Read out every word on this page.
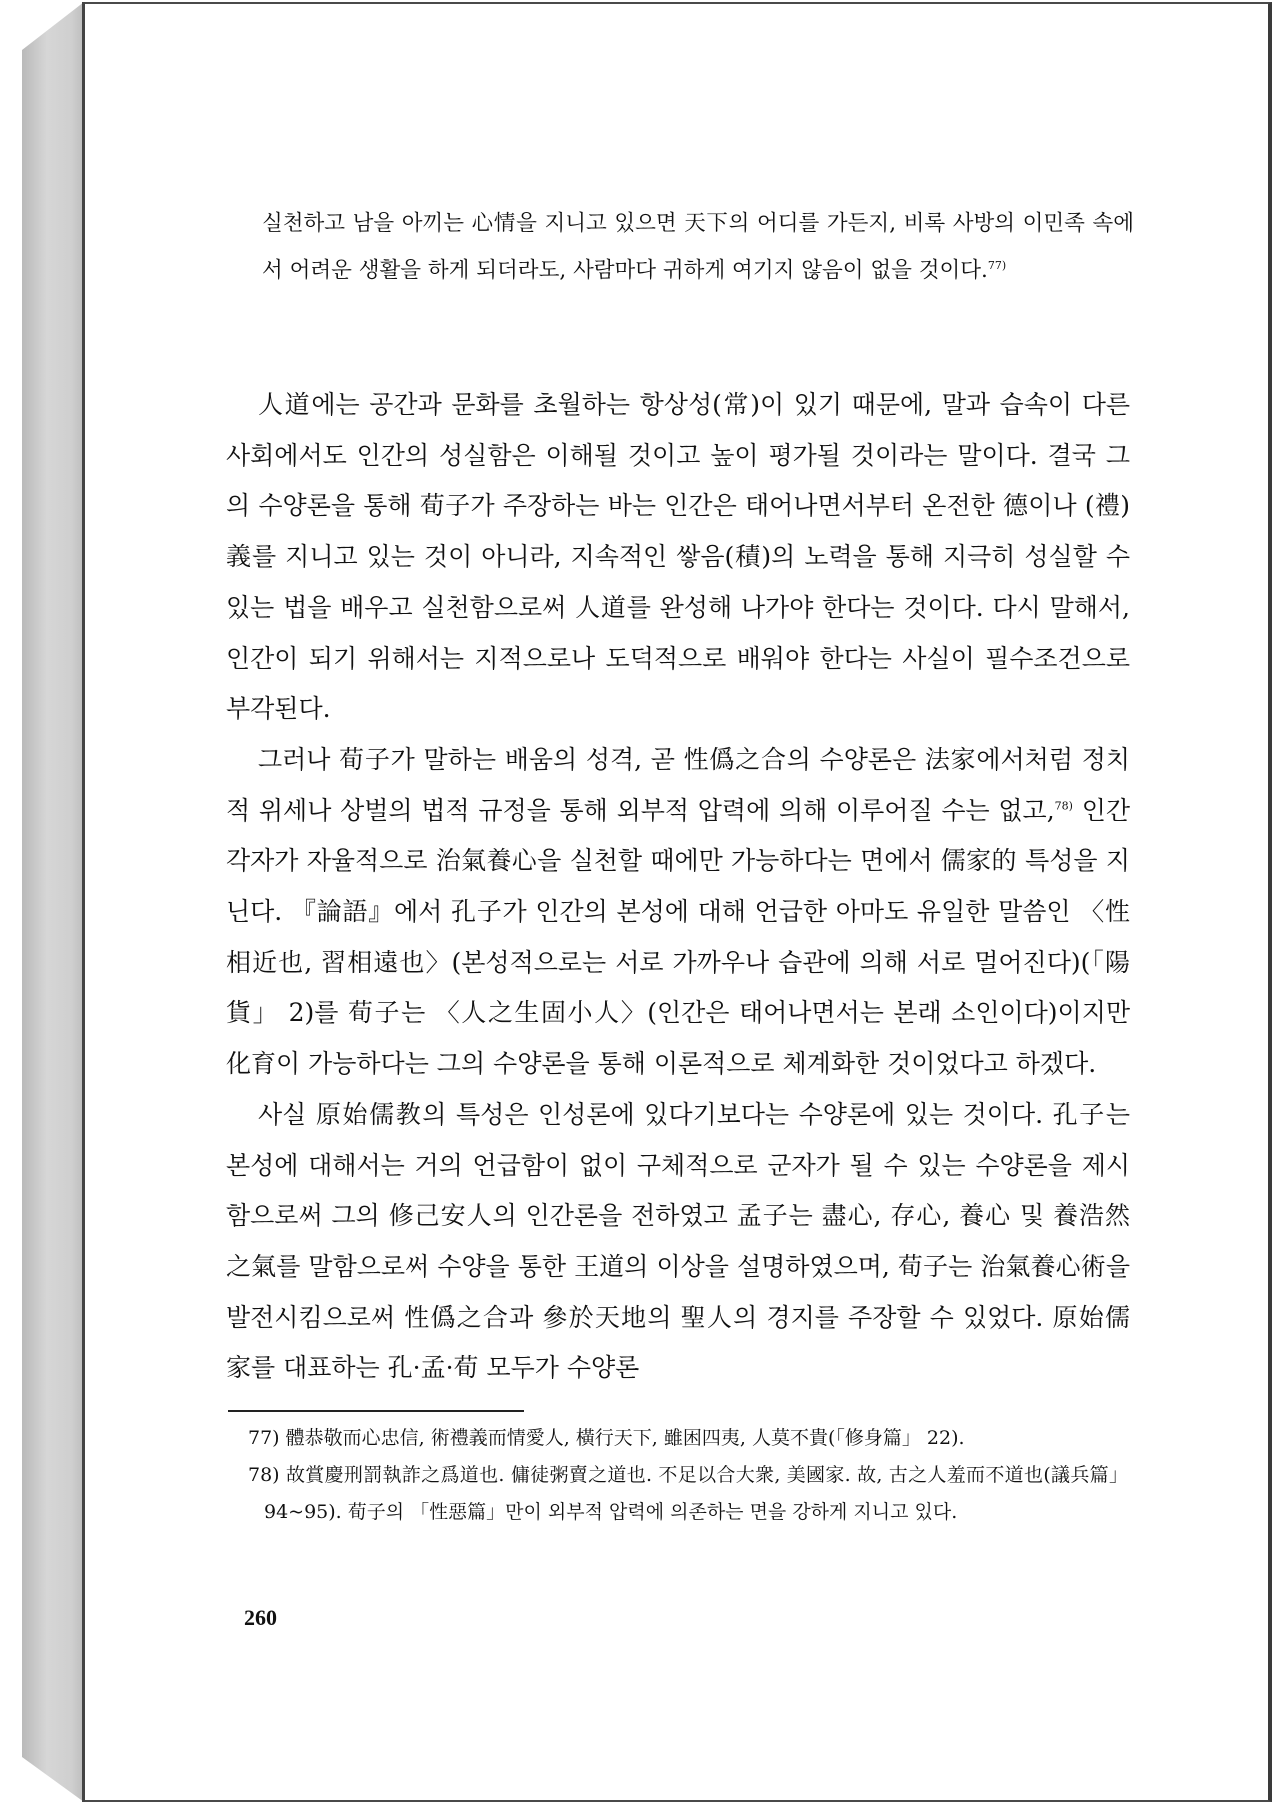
실천하고 남을 아끼는 心情을 지니고 있으면 天下의 어디를 가든지, 비록 사방의 이민족 속에서 어려운 생활을 하게 되더라도, 사람마다 귀하게 여기지 않음이 없을 것이다.$^{77)}$

人道에는 공간과 문화를 초월하는 항상성(常)이 있기 때문에, 말과 습속이 다른 사회에서도 인간의 성실함은 이해될 것이고 높이 평가될 것이라는 말이다. 결국 그의 수양론을 통해 荀子가 주장하는 바는 인간은 태어나면서부터 온전한 德이나 (禮)義를 지니고 있는 것이 아니라, 지속적인 쌓음(積)의 노력을 통해 지극히 성실할 수 있는 법을 배우고 실천함으로써 人道를 완성해 나가야 한다는 것이다. 다시 말해서, 인간이 되기 위해서는 지적으로나 도덕적으로 배워야 한다는 사실이 필수조건으로 부각된다.

그러나 荀子가 말하는 배움의 성격, 곧 性僞之合의 수양론은 法家에서처럼 정치적 위세나 상벌의 법적 규정을 통해 외부적 압력에 의해 이루어질 수는 없고,$^{78)}$ 인간 각자가 자율적으로 治氣養心을 실천할 때에만 가능하다는 면에서 儒家的 특성을 지닌다. 『論語』에서 孔子가 인간의 본성에 대해 언급한 아마도 유일한 말씀인 〈性相近也, 習相遠也〉(본성적으로는 서로 가까우나 습관에 의해 서로 멀어진다)(「陽貨」 2)를 荀子는 〈人之生固小人〉(인간은 태어나면서는 본래 소인이다)이지만 化育이 가능하다는 그의 수양론을 통해 이론적으로 체계화한 것이었다고 하겠다.

사실 原始儒教의 특성은 인성론에 있다기보다는 수양론에 있는 것이다. 孔子는 본성에 대해서는 거의 언급함이 없이 구체적으로 군자가 될 수 있는 수양론을 제시함으로써 그의 修己安人의 인간론을 전하였고 孟子는 盡心, 存心, 養心 및 養浩然之氣를 말함으로써 수양을 통한 王道의 이상을 설명하였으며, 荀子는 治氣養心術을 발전시킴으로써 性僞之合과 參於天地의 聖人의 경지를 주장할 수 있었다. 原始儒家를 대표하는 孔·孟·荀 모두가 수양론

77) 體恭敬而心忠信, 術禮義而情愛人, 橫行天下, 雖困四夷, 人莫不貴(「修身篇」 22).

78) 故賞慶刑罰執詐之爲道也. 傭徒粥賣之道也. 不足以合大衆, 美國家. 故, 古之人羞而不道也(議兵篇」 94~95). 荀子의 「性惡篇」만이 외부적 압력에 의존하는 면을 강하게 지니고 있다.

260
